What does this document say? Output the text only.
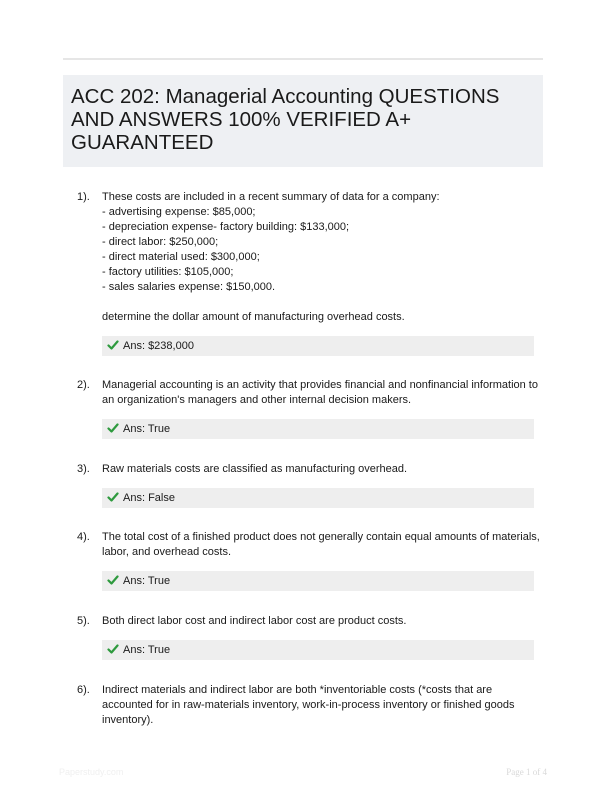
ACC 202: Managerial Accounting QUESTIONS
AND ANSWERS 100% VERIFIED A+
GUARANTEED
1). These costs are included in a recent summary of data for a company:
- advertising expense: $85,000;
- depreciation expense- factory building: $133,000;
- direct labor: $250,000;
- direct material used: $300,000;
- factory utilities: $105,000;
- sales salaries expense: $150,000.
determine the dollar amount of manufacturing overhead costs.
Ans: $238,000
2). Managerial accounting is an activity that provides financial and nonfinancial information to
an organization's managers and other internal decision makers.
Ans: True
3). Raw materials costs are classified as manufacturing overhead.
Ans: False
4). The total cost of a finished product does not generally contain equal amounts of materials,
labor, and overhead costs.
Ans: True
5). Both direct labor cost and indirect labor cost are product costs.
Ans: True
6). Indirect materials and indirect labor are both *inventoriable costs (*costs that are
accounted for in raw-materials inventory, work-in-process inventory or finished goods
inventory).
Paperstudy.com	Page 1 of 4
